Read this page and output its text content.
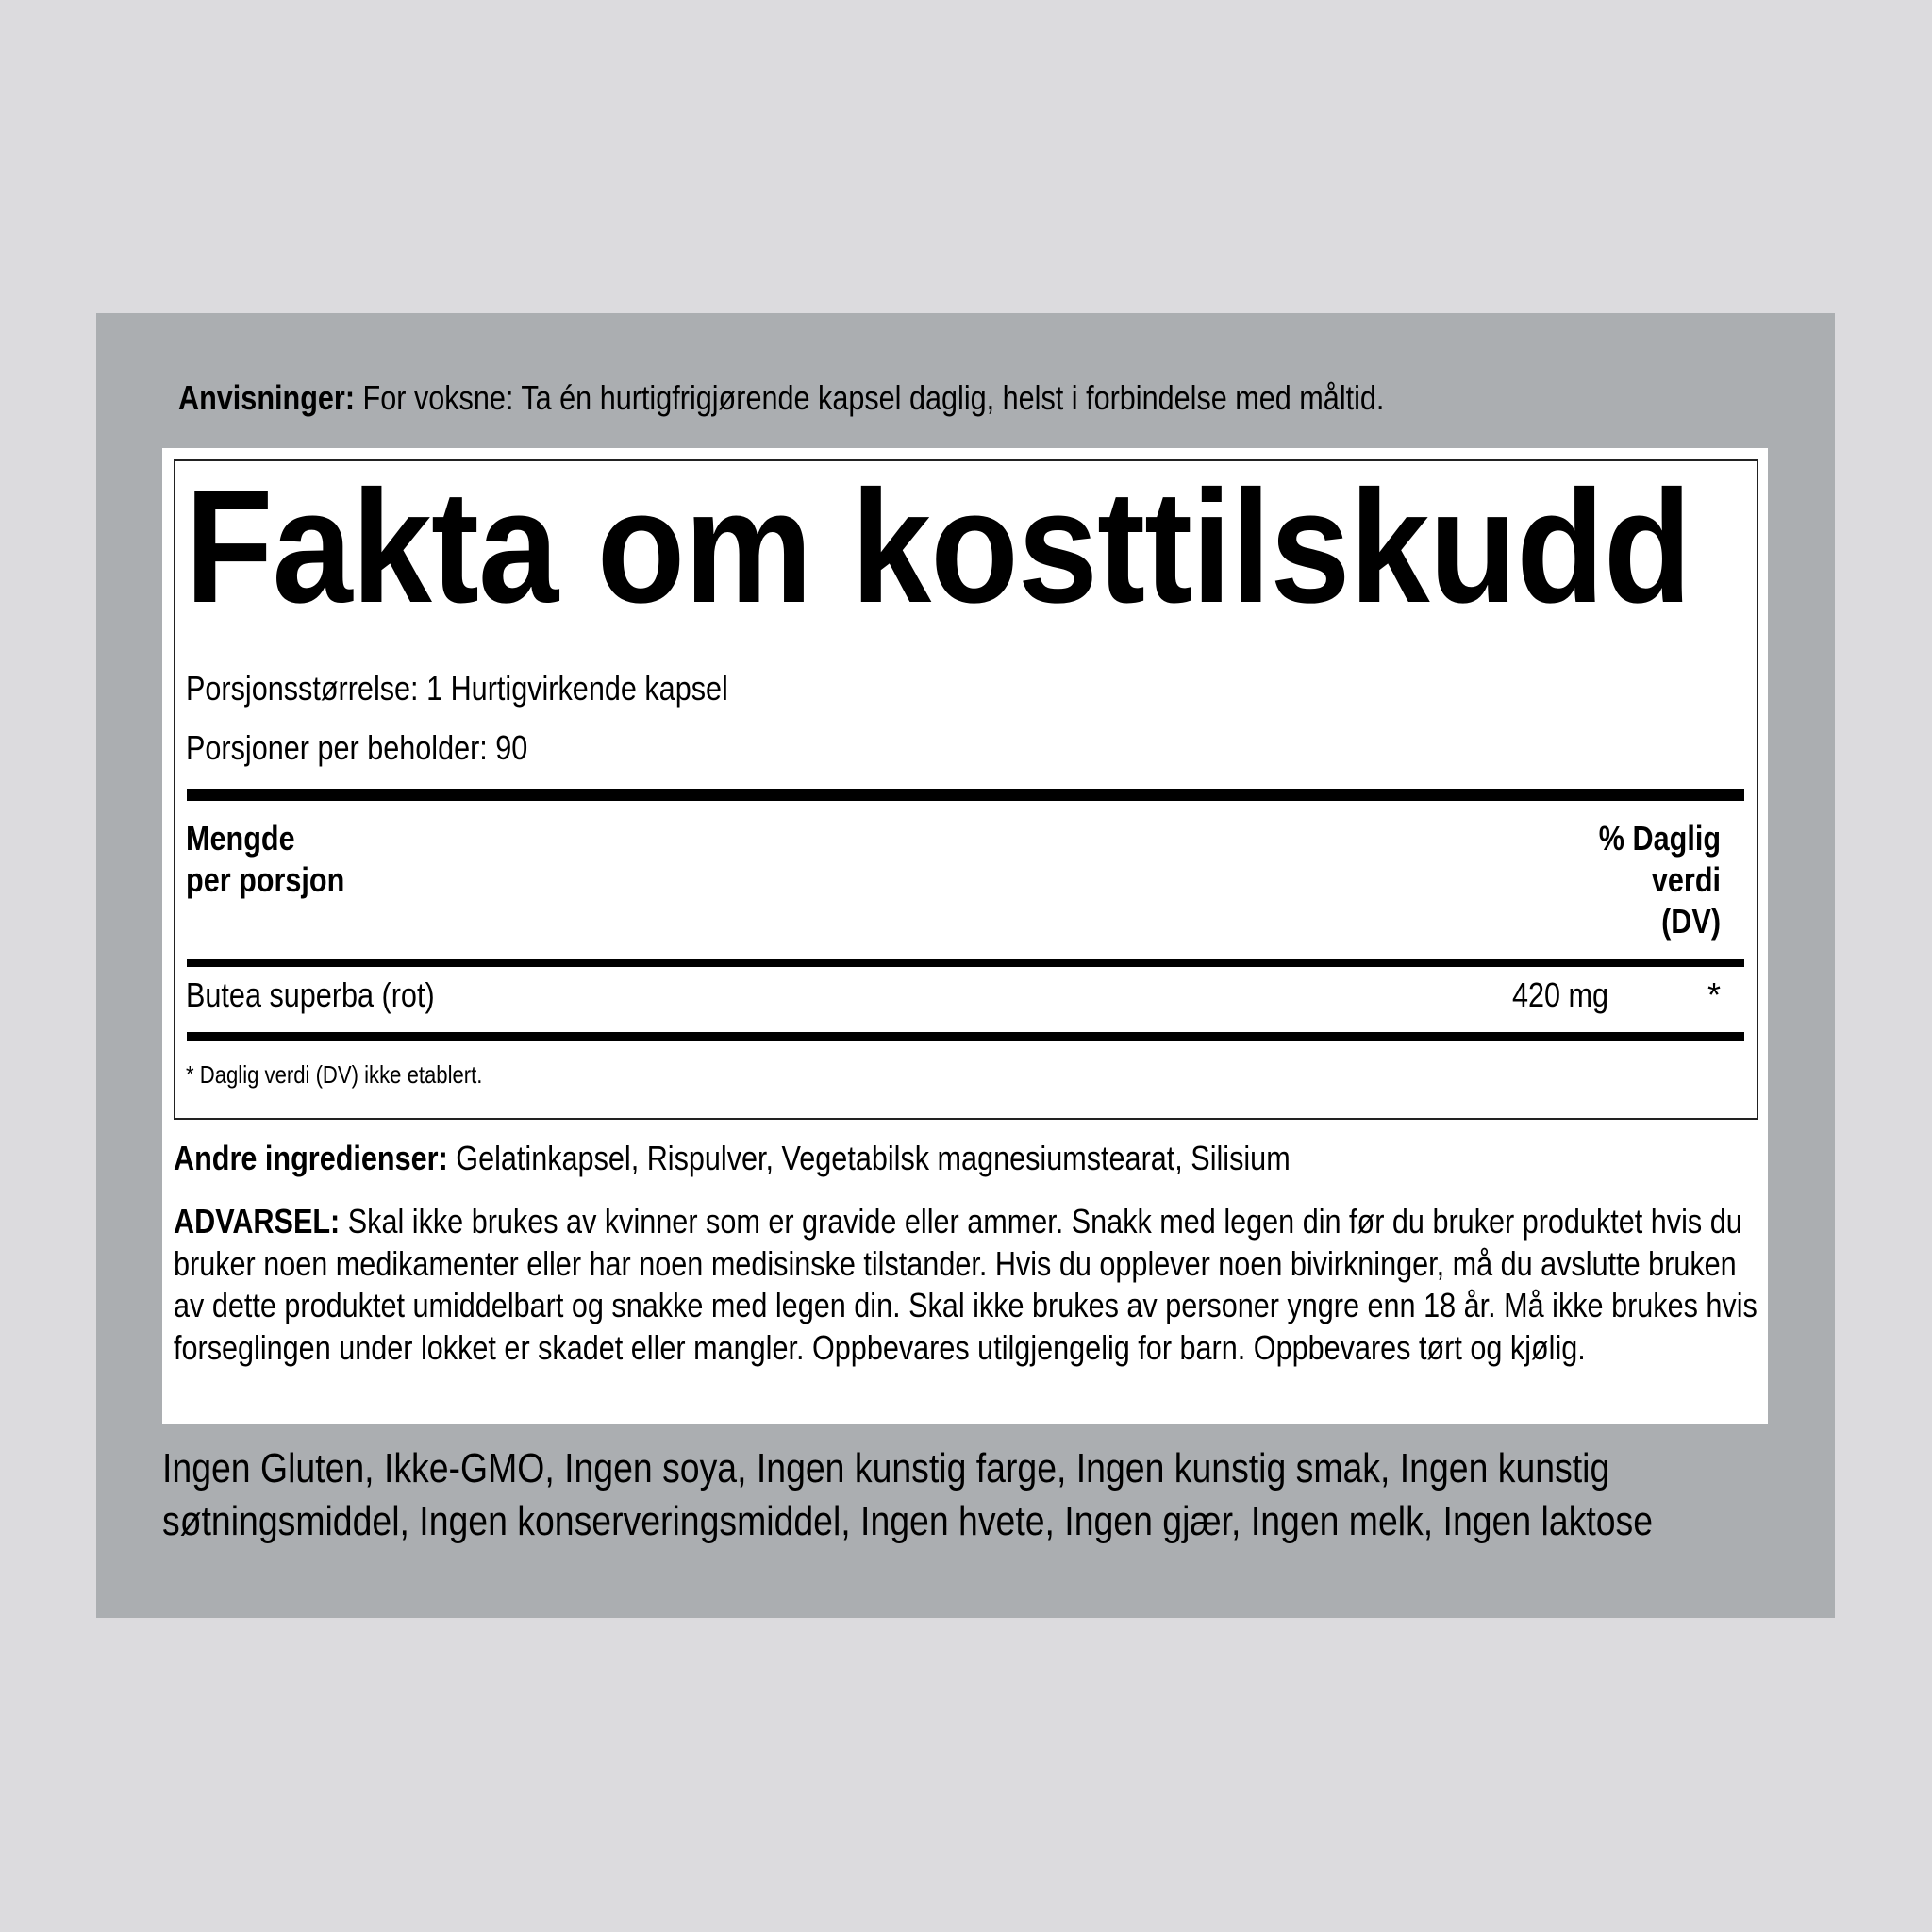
Anvisninger: For voksne: Ta én hurtigfrigjørende kapsel daglig, helst i forbindelse med måltid.
Fakta om kosttilskudd
Porsjonsstørrelse: 1 Hurtigvirkende kapsel
Porsjoner per beholder: 90
Mengde
per porsjon
% Daglig
verdi
(DV)
Butea superba (rot)	420 mg	*
* Daglig verdi (DV) ikke etablert.
Andre ingredienser: Gelatinkapsel, Rispulver, Vegetabilsk magnesiumstearat, Silisium
ADVARSEL: Skal ikke brukes av kvinner som er gravide eller ammer. Snakk med legen din før du bruker produktet hvis du bruker noen medikamenter eller har noen medisinske tilstander. Hvis du opplever noen bivirkninger, må du avslutte bruken av dette produktet umiddelbart og snakke med legen din. Skal ikke brukes av personer yngre enn 18 år. Må ikke brukes hvis forseglingen under lokket er skadet eller mangler. Oppbevares utilgjengelig for barn. Oppbevares tørt og kjølig.
Ingen Gluten, Ikke-GMO, Ingen soya, Ingen kunstig farge, Ingen kunstig smak, Ingen kunstig søtningsmiddel, Ingen konserveringsmiddel, Ingen hvete, Ingen gjær, Ingen melk, Ingen laktose
